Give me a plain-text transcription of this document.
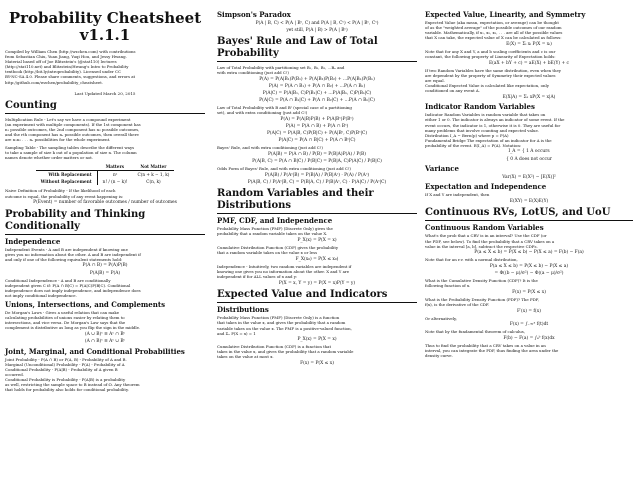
Probability Cheatsheet v1.1.1

Compiled by William Chen (http://wzchen.com) with contributions

from Sebastian Chiu, Yuan Jiang, Yuqi Hou, and Jessy Hwang.

Material based off of Joe Blitzstein's (@stat110) lectures

(http://stat110.net) and Blitzstein/Hwang's Intro to Probability

textbook (http://bit.ly/introprobability). Licensed under CC

BY-NC-SA 4.0. Please share comments, suggestions, and errors at

http://github.com/wzchen/probability_cheatsheet.

Last Updated March 20, 2015
Counting

Multiplication Rule - Let's say we have a compound experiment

(an experiment with multiple components). If the 1st component has

n₁ possible outcomes, the 2nd component has n₂ possible outcomes,

and the rth component has nᵣ possible outcomes, then overall there

are n₁n₂ . . . nᵣ possibilities for the whole experiment.

Sampling Table - The sampling tables describe the different ways

to take a sample of size k out of a population of size n. The column

names denote whether order matters or not.

	Matters	Not Matter
With Replacement	nᵏ	C(n + k − 1, k)
Without Replacement	n! / (n − k)!	C(n, k)

Naive Definition of Probability - If the likelihood of each

outcome is equal, the probability of any event happening is:

P(Event) = number of favorable outcomes / number of outcomes
Probability and Thinking Conditionally
Independence

Independent Events - A and B are independent if knowing one

gives you no information about the other. A and B are independent if

and only if one of the following equivalent statements hold:

P(A ∩ B) = P(A)P(B)
P(A|B) = P(A)

Conditional Independence - A and B are conditionally

independent given C if: P(A ∩ B|C) = P(A|C)P(B|C). Conditional

independence does not imply independence, and independence does

not imply conditional independence.

Unions, Intersections, and Complements

De Morgan's Laws - Gives a useful relation that can make

calculating probabilities of unions easier by relating them to

intersections, and vice versa. De Morgan's Law says that the

complement is distributive as long as you flip the sign in the middle.

(A ∪ B)ᶜ ≡ Aᶜ ∩ Bᶜ
(A ∩ B)ᶜ ≡ Aᶜ ∪ Bᶜ
Joint, Marginal, and Conditional Probabilities

Joint Probability - P(A ∩ B) or P(A, B) - Probability of A and B.

Marginal (Unconditional) Probability - P(A) - Probability of A

Conditional Probability - P(A|B) - Probability of A given B

occurred.

Conditional Probability is Probability - P(A|B) is a probability

as well, restricting the sample space to B instead of Ω. Any theorem

that holds for probability also holds for conditional probability.

Simpson's Paradox
P(A | B, C) < P(A | Bᶜ, C) and P(A | B, Cᶜ) < P(A | Bᶜ, Cᶜ)
yet still, P(A | B) > P(A | Bᶜ)
Bayes' Rule and Law of Total Probability

Law of Total Probability with partitioning set B₁, B₂, B₃, ...Bₙ and

with extra conditioning (just add C!)

P(A) = P(A|B₁)P(B₁) + P(A|B₂)P(B₂) + ...P(A|Bₙ)P(Bₙ)
P(A) = P(A ∩ B₁) + P(A ∩ B₂) + ...P(A ∩ Bₙ)
P(A|C) = P(A|B₁, C)P(B₁|C) + ...P(A|Bₙ, C)P(Bₙ|C)
P(A|C) = P(A ∩ B₁|C) + P(A ∩ B₂|C) + ...P(A ∩ Bₙ|C)

Law of Total Probability with B and Bᶜ (special case of a partitioning

set), and with extra conditioning (just add C!)

P(A) = P(A|B)P(B) + P(A|Bᶜ)P(Bᶜ)
P(A) = P(A ∩ B) + P(A ∩ Bᶜ)
P(A|C) = P(A|B, C)P(B|C) + P(A|Bᶜ, C)P(Bᶜ|C)
P(A|C) = P(A ∩ B|C) + P(A ∩ Bᶜ|C)

Bayes' Rule, and with extra conditioning (just add C!)

P(A|B) = P(A ∩ B) / P(B) = P(B|A)P(A) / P(B)
P(A|B, C) = P(A ∩ B|C) / P(B|C) = P(B|A, C)P(A|C) / P(B|C)

Odds Form of Bayes' Rule, and with extra conditioning (just add C!)

P(A|B) / P(Aᶜ|B) = P(B|A) / P(B|Aᶜ) · P(A) / P(Aᶜ)
P(A|B, C) / P(Aᶜ|B, C) = P(B|A, C) / P(B|Aᶜ, C) · P(A|C) / P(Aᶜ|C)
Random Variables and their Distributions
PMF, CDF, and Independence

Probability Mass Function (PMF) (Discrete Only) gives the

probability that a random variable takes on the value X.

P_X(x) = P(X = x)

Cumulative Distribution Function (CDF) gives the probability

that a random variable takes on the value x or less

F_X(x₀) = P(X ≤ x₀)

Independence - Intuitively, two random variables are independent if

knowing one gives you no information about the other. X and Y are

independent if for ALL values of x and y:

P(X = x, Y = y) = P(X = x)P(Y = y)
Expected Value and Indicators
Distributions

Probability Mass Function (PMF) (Discrete Only) is a function

that takes in the value x, and gives the probability that a random

variable takes on the value x. The PMF is a positive-valued function,

and Σₓ P(X = x) = 1

P_X(x) = P(X = x)

Cumulative Distribution Function (CDF) is a function that

takes in the value x, and gives the probability that a random variable

takes on the value at most x.

F(x) = P(X ≤ x)
Expected Value, Linearity, and Symmetry

Expected Value (aka mean, expectation, or average) can be thought

of as the "weighted average" of the possible outcomes of our random

variable. Mathematically, if x₁, x₂, x₃, . . . are all of the possible values

that X can take, the expected value of X can be calculated as follows:

E(X) = Σᵢ xᵢ P(X = xᵢ)

Note that for any X and Y, a and b scaling coefficients and c is our

constant, the following property of Linearity of Expectation holds:

E(aX + bY + c) = aE(X) + bE(Y) + c

If two Random Variables have the same distribution, even when they

are dependent by the property of Symmetry their expected values

are equal.

Conditional Expected Value is calculated like expectation, only

conditioned on any event A.

E(X|A) = Σₓ xP(X = x|A)
Indicator Random Variables

Indicator Random Variables is random variable that takes on

either 1 or 0. The indicator is always an indicator of some event. If the

event occurs, the indicator is 1, otherwise it is 0. They are useful for

many problems that involve counting and expected value.

Distribution I_A ∼ Bern(p) where p = P(A)

Fundamental Bridge The expectation of an indicator for A is the

probability of the event. E(I_A) = P(A). Notation:

I_A = { 1 A occurs
{ 0 A does not occur
Variance
Var(X) = E(X²) − [E(X)]²
Expectation and Independence

If X and Y are independent, then

E(XY) = E(X)E(Y)
Continuous RVs, LotUS, and UoU
Continuous Random Variables

What's the prob that a CRV is in an interval? Use the CDF (or

the PDF, see below). To find the probability that a CRV takes on a

value in the interval [a, b], subtract the respective CDFs.

P(a ≤ X ≤ b) = P(X ≤ b) − P(X ≤ a) = F(b) − F(a)

Note that for an r.v. with a normal distribution,

P(a ≤ X ≤ b) = P(X ≤ b) − P(X ≤ a)
= Φ((b − μ)/σ²) − Φ((a − μ)/σ²)

What is the Cumulative Density Function (CDF)? It is the

following function of x.

F(x) = P(X ≤ x)

What is the Probability Density Function (PDF)? The PDF,

f(x), is the derivative of the CDF.

F′(x) = f(x)

Or alternatively,

F(x) = ∫₋∞ˣ f(t)dt

Note that by the fundamental theorem of calculus,

F(b) − F(a) = ∫ₐᵇ f(x)dx

Thus to find the probability that a CRV takes on a value in an

interval, you can integrate the PDF, thus finding the area under the

density curve.
